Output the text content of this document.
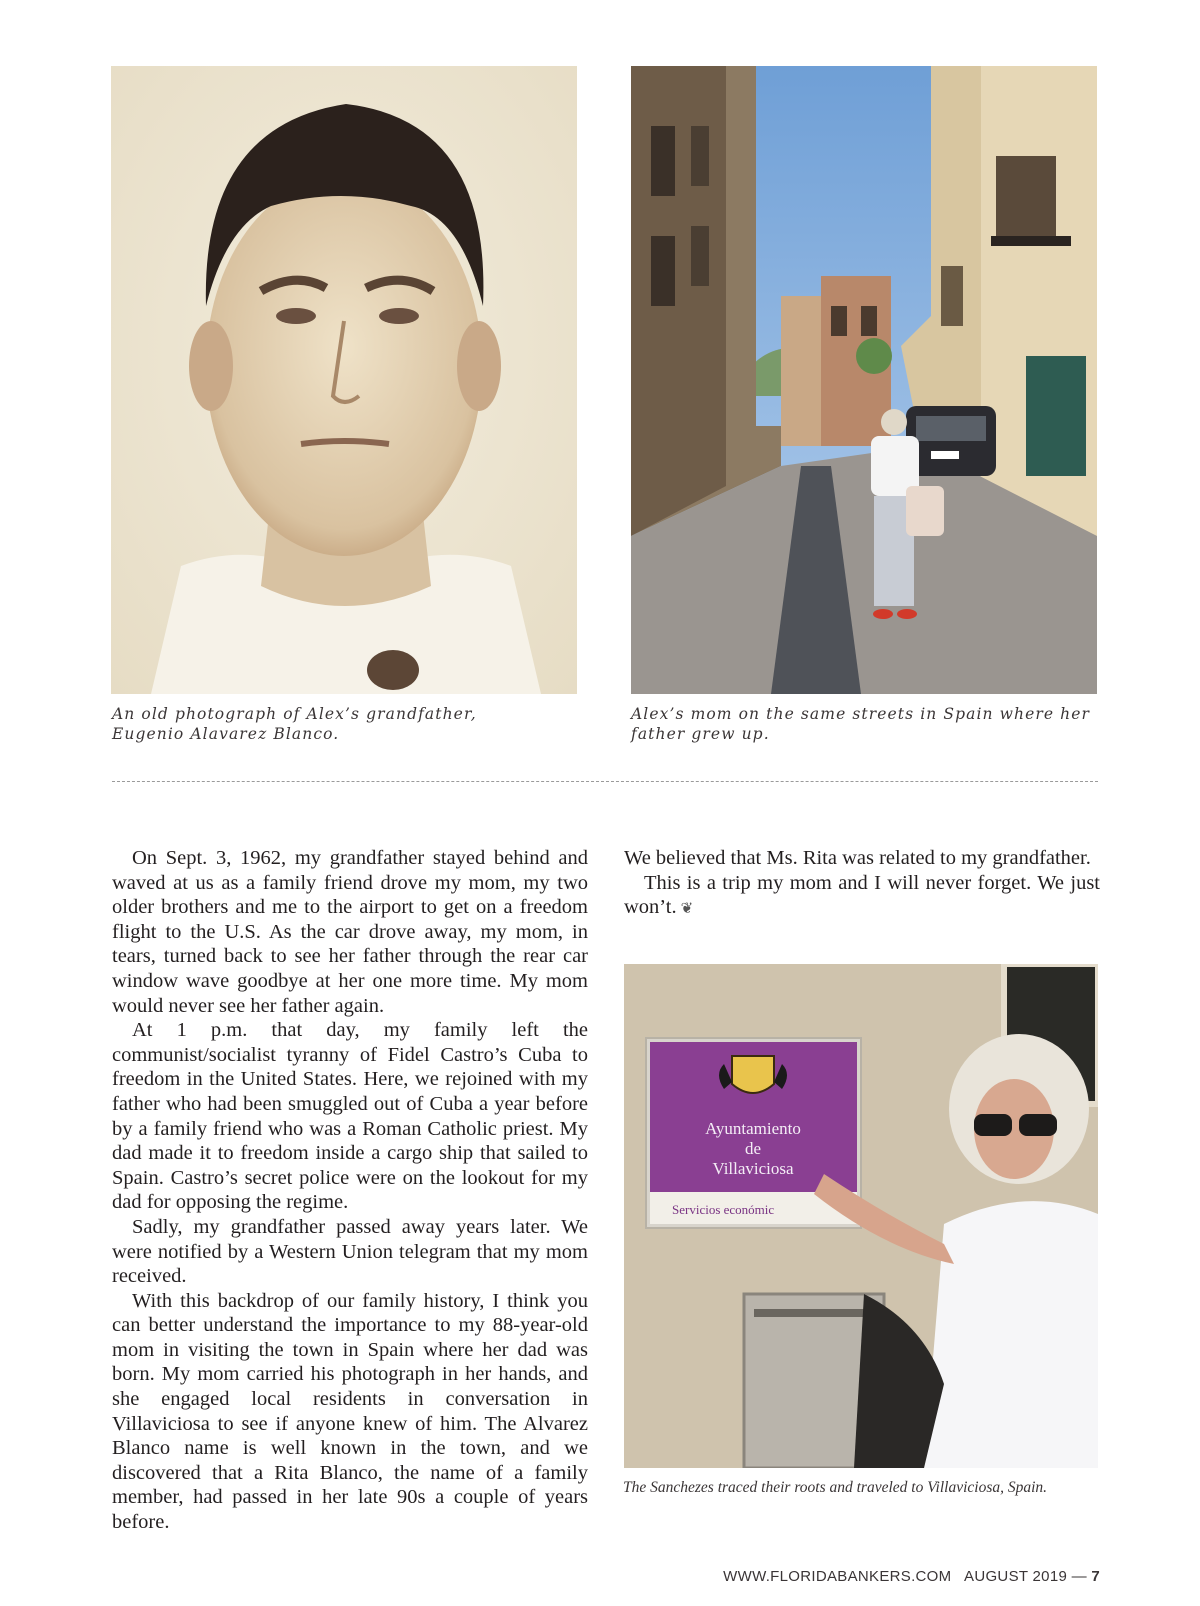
An old photograph of Alex’s grandfather, Eugenio Alavarez Blanco.
Alex’s mom on the same streets in Spain where her father grew up.

On Sept. 3, 1962, my grandfather stayed behind and waved at us as a family friend drove my mom, my two older brothers and me to the airport to get on a freedom flight to the U.S. As the car drove away, my mom, in tears, turned back to see her father through the rear car window wave goodbye at her one more time. My mom would never see her father again.

At 1 p.m. that day, my family left the communist/socialist tyranny of Fidel Castro’s Cuba to freedom in the United States. Here, we rejoined with my father who had been smuggled out of Cuba a year before by a family friend who was a Roman Catholic priest. My dad made it to freedom inside a cargo ship that sailed to Spain. Castro’s secret police were on the lookout for my dad for opposing the regime.

Sadly, my grandfather passed away years later. We were notified by a Western Union telegram that my mom received.

With this backdrop of our family history, I think you can better understand the importance to my 88-year-old mom in visiting the town in Spain where her dad was born. My mom carried his photograph in her hands, and she engaged local residents in conversation in Villaviciosa to see if anyone knew of him. The Alvarez Blanco name is well known in the town, and we discovered that a Rita Blanco, the name of a family member, had passed in her late 90s a couple of years before.

We believed that Ms. Rita was related to my grandfather.

This is a trip my mom and I will never forget. We just won’t. ❦

Ayuntamiento
de
Villaviciosa
Servicios económic
The Sanchezes traced their roots and traveled to Villaviciosa, Spain.
WWW.FLORIDABANKERS.COM AUGUST 2019 — 7
